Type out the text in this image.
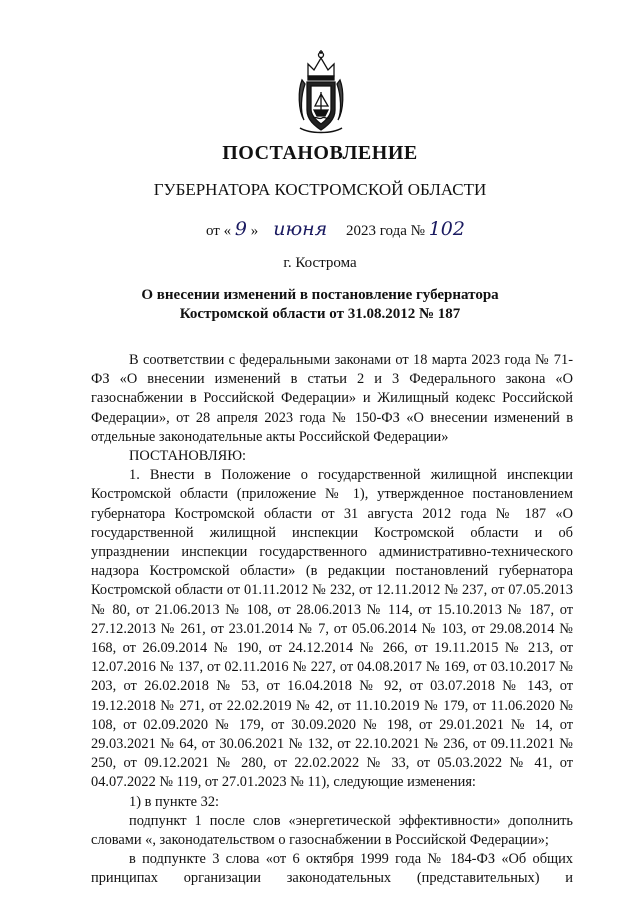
ПОСТАНОВЛЕНИЕ
ГУБЕРНАТОРА КОСТРОМСКОЙ ОБЛАСТИ
от « 9 » июня 2023 года № 102
г. Кострома
О внесении изменений в постановление губернатора
Костромской области от 31.08.2012 № 187

В соответствии с федеральными законами от 18 марта 2023 года № 71-ФЗ «О внесении изменений в статьи 2 и 3 Федерального закона «О газоснабжении в Российской Федерации» и Жилищный кодекс Российской Федерации», от 28 апреля 2023 года № 150-ФЗ «О внесении изменений в отдельные законодательные акты Российской Федерации»

ПОСТАНОВЛЯЮ:

1. Внести в Положение о государственной жилищной инспекции Костромской области (приложение № 1), утвержденное постановлением губернатора Костромской области от 31 августа 2012 года № 187 «О государственной жилищной инспекции Костромской области и об упразднении инспекции государственного административно-технического надзора Костромской области» (в редакции постановлений губернатора Костромской области от 01.11.2012 № 232, от 12.11.2012 № 237, от 07.05.2013 № 80, от 21.06.2013 № 108, от 28.06.2013 № 114, от 15.10.2013 № 187, от 27.12.2013 № 261, от 23.01.2014 № 7, от 05.06.2014 № 103, от 29.08.2014 № 168, от 26.09.2014 № 190, от 24.12.2014 № 266, от 19.11.2015 № 213, от 12.07.2016 № 137, от 02.11.2016 № 227, от 04.08.2017 № 169, от 03.10.2017 № 203, от 26.02.2018 № 53, от 16.04.2018 № 92, от 03.07.2018 № 143, от 19.12.2018 № 271, от 22.02.2019 № 42, от 11.10.2019 № 179, от 11.06.2020 № 108, от 02.09.2020 № 179, от 30.09.2020 № 198, от 29.01.2021 № 14, от 29.03.2021 № 64, от 30.06.2021 № 132, от 22.10.2021 № 236, от 09.11.2021 № 250, от 09.12.2021 № 280, от 22.02.2022 № 33, от 05.03.2022 № 41, от 04.07.2022 № 119, от 27.01.2023 № 11), следующие изменения:

1) в пункте 32:

подпункт 1 после слов «энергетической эффективности» дополнить словами «, законодательством о газоснабжении в Российской Федерации»;

в подпункте 3 слова «от 6 октября 1999 года № 184-ФЗ «Об общих принципах организации законодательных (представительных) и
